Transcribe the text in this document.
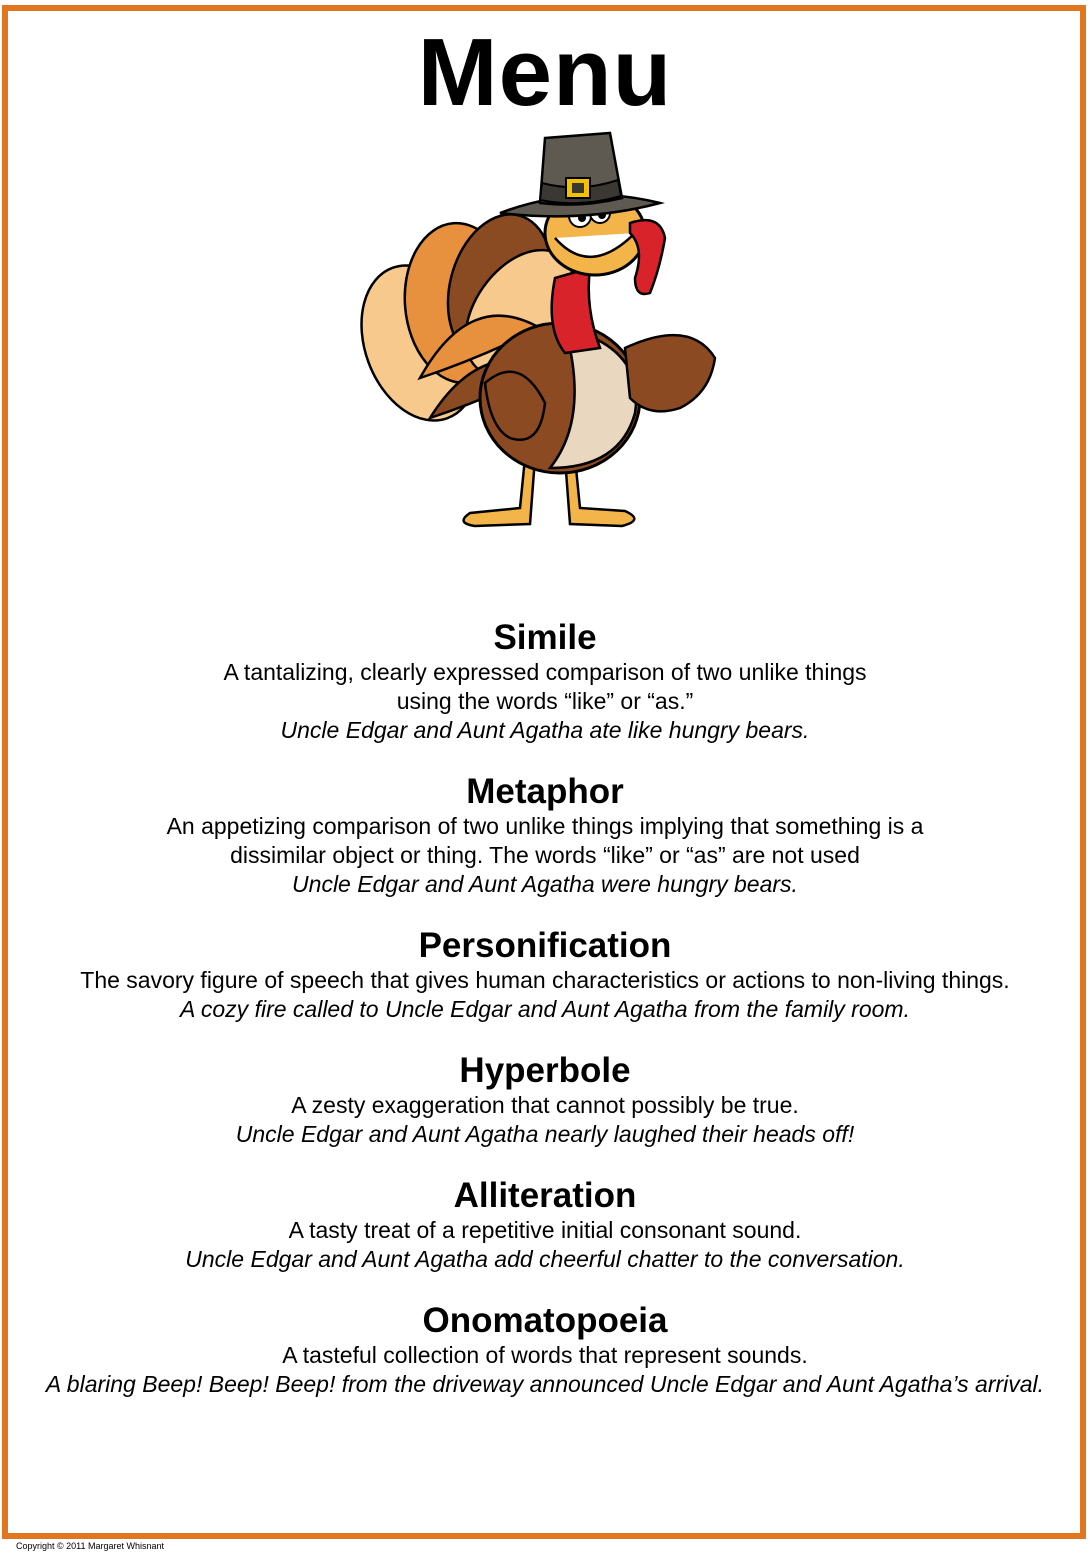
Menu
Simile
A tantalizing, clearly expressed comparison of two unlike things
using the words “like” or “as.”
Uncle Edgar and Aunt Agatha ate like hungry bears.
Metaphor
An appetizing comparison of two unlike things implying that something is a
dissimilar object or thing. The words “like” or “as” are not used
Uncle Edgar and Aunt Agatha were hungry bears.
Personification
The savory figure of speech that gives human characteristics or actions to non-living things.
A cozy fire called to Uncle Edgar and Aunt Agatha from the family room.
Hyperbole
A zesty exaggeration that cannot possibly be true.
Uncle Edgar and Aunt Agatha nearly laughed their heads off!
Alliteration
A tasty treat of a repetitive initial consonant sound.
Uncle Edgar and Aunt Agatha add cheerful chatter to the conversation.
Onomatopoeia
A tasteful collection of words that represent sounds.
A blaring Beep! Beep! Beep! from the driveway announced Uncle Edgar and Aunt Agatha’s arrival.
Copyright © 2011 Margaret Whisnant
